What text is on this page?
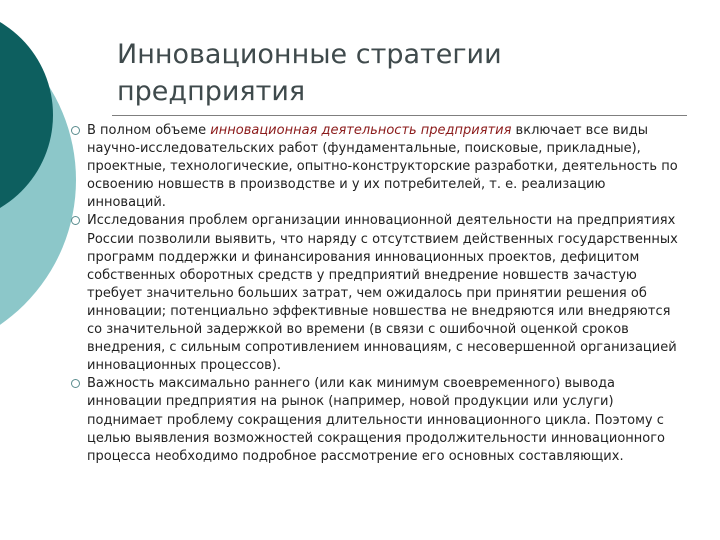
Инновационные стратегии
предприятия
В полном объеме инновационная деятельность предприятия включает все виды научно-исследовательских работ (фундаментальные, поисковые, прикладные), проектные, технологические, опытно-конструкторские разработки, деятельность по освоению новшеств в производстве и у их потребителей, т. е. реализацию инноваций.
Исследования проблем организации инновационной деятельности на предприятиях России позволили выявить, что наряду с отсутствием действенных государственных программ поддержки и финансирования инновационных проектов, дефицитом собственных оборотных средств у предприятий внедрение новшеств зачастую требует значительно больших затрат, чем ожидалось при принятии решения об инновации; потенциально эффективные новшества не внедряются или внедряются со значительной задержкой во времени (в связи с ошибочной оценкой сроков внедрения, с сильным сопротивлением инновациям, с несовершенной организацией инновационных процессов).
Важность максимально раннего (или как минимум своевременного) вывода инновации предприятия на рынок (например, новой продукции или услуги) поднимает проблему сокращения длительности инновационного цикла. Поэтому с целью выявления возможностей сокращения продолжительности инновационного процесса необходимо подробное рассмотрение его основных составляющих.
